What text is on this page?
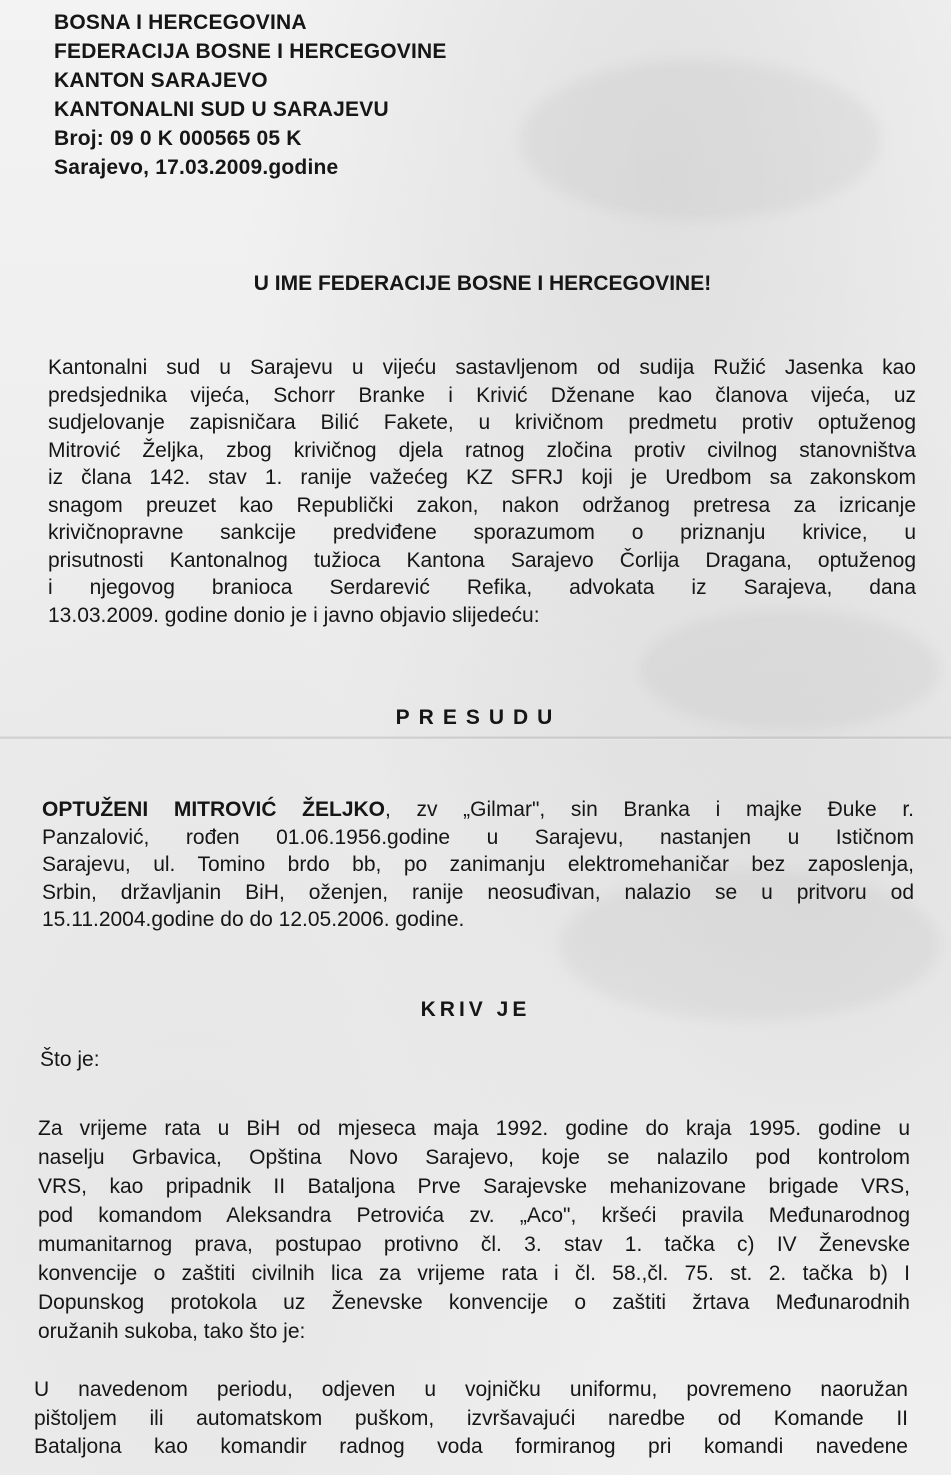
BOSNA I HERCEGOVINA
FEDERACIJA BOSNE I HERCEGOVINE
KANTON SARAJEVO
KANTONALNI SUD U SARAJEVU
Broj: 09 0 K 000565 05 K
Sarajevo, 17.03.2009.godine
U IME FEDERACIJE BOSNE I HERCEGOVINE!
Kantonalni sud u Sarajevu u vijeću sastavljenom od sudija Ružić Jasenka kao
predsjednika vijeća, Schorr Branke i Krivić Dženane kao članova vijeća, uz
sudjelovanje zapisničara Bilić Fakete, u krivičnom predmetu protiv optuženog
Mitrović Željka, zbog krivičnog djela ratnog zločina protiv civilnog stanovništva
iz člana 142. stav 1. ranije važećeg KZ SFRJ koji je Uredbom sa zakonskom
snagom preuzet kao Republički zakon, nakon održanog pretresa za izricanje
krivičnopravne sankcije predviđene sporazumom o priznanju krivice, u
prisutnosti Kantonalnog tužioca Kantona Sarajevo Čorlija Dragana, optuženog
i njegovog branioca Serdarević Refika, advokata iz Sarajeva, dana
13.03.2009. godine donio je i javno objavio slijedeću:
PRESUDU
OPTUŽENI MITROVIĆ ŽELJKO, zv „Gilmar", sin Branka i majke Đuke r.
Panzalović, rođen 01.06.1956.godine u Sarajevu, nastanjen u Ističnom
Sarajevu, ul. Tomino brdo bb, po zanimanju elektromehaničar bez zaposlenja,
Srbin, državljanin BiH, oženjen, ranije neosuđivan, nalazio se u pritvoru od
15.11.2004.godine do do 12.05.2006. godine.
KRIV JE
Što je:
Za vrijeme rata u BiH od mjeseca maja 1992. godine do kraja 1995. godine u
naselju Grbavica, Opština Novo Sarajevo, koje se nalazilo pod kontrolom
VRS, kao pripadnik II Bataljona Prve Sarajevske mehanizovane brigade VRS,
pod komandom Aleksandra Petrovića zv. „Aco", kršeći pravila Međunarodnog
mumanitarnog prava, postupao protivno čl. 3. stav 1. tačka c) IV Ženevske
konvencije o zaštiti civilnih lica za vrijeme rata i čl. 58.,čl. 75. st. 2. tačka b) I
Dopunskog protokola uz Ženevske konvencije o zaštiti žrtava Međunarodnih
oružanih sukoba, tako što je:
U navedenom periodu, odjeven u vojničku uniformu, povremeno naoružan
pištoljem ili automatskom puškom, izvršavajući naredbe od Komande II
Bataljona kao komandir radnog voda formiranog pri komandi navedene
